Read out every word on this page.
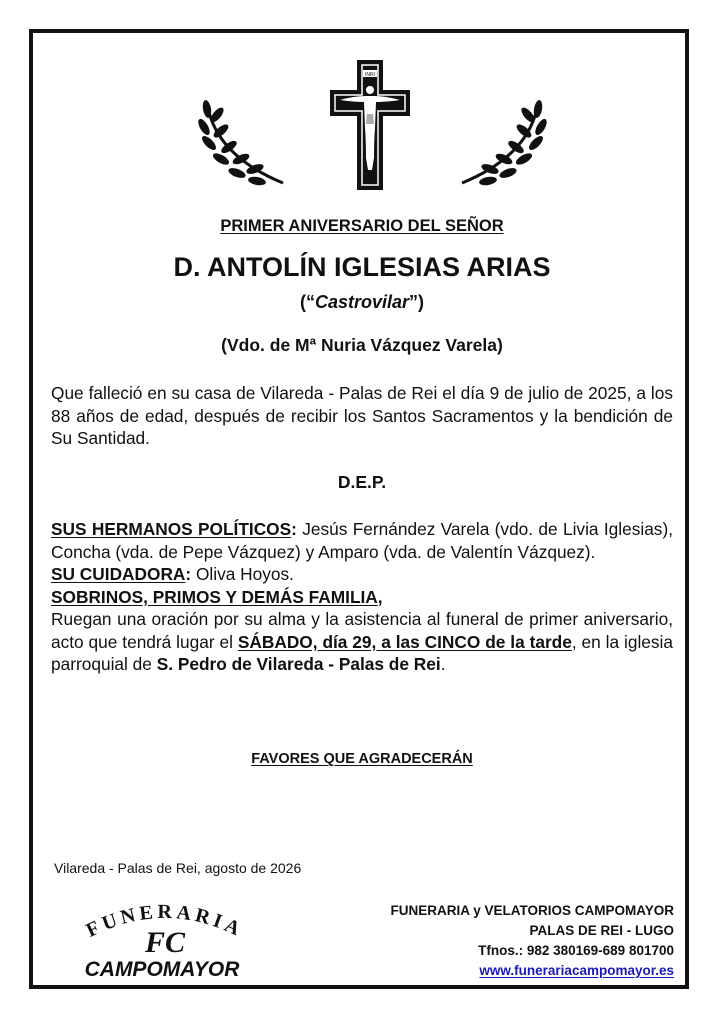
INRI
PRIMER ANIVERSARIO DEL SEÑOR
D. ANTOLÍN IGLESIAS ARIAS
(“Castrovilar”)
(Vdo. de Mª Nuria Vázquez Varela)
Que falleció en su casa de Vilareda - Palas de Rei el día 9 de julio de 2025, a los 88 años de edad, después de recibir los Santos Sacramentos y la bendición de Su Santidad.
D.E.P.
SUS HERMANOS POLÍTICOS: Jesús Fernández Varela (vdo. de Livia Iglesias), Concha (vda. de Pepe Vázquez) y Amparo (vda. de Valentín Vázquez).
SU CUIDADORA: Oliva Hoyos.
SOBRINOS, PRIMOS Y DEMÁS FAMILIA,
Ruegan una oración por su alma y la asistencia al funeral de primer aniversario, acto que tendrá lugar el SÁBADO, día 29, a las CINCO de la tarde, en la iglesia parroquial de S. Pedro de Vilareda - Palas de Rei.
FAVORES QUE AGRADECERÁN
Vilareda - Palas de Rei, agosto de 2026
FUNERARIA
FC
CAMPOMAYOR
FUNERARIA y VELATORIOS CAMPOMAYOR
PALAS DE REI - LUGO
Tfnos.: 982 380169-689 801700
www.funerariacampomayor.es
